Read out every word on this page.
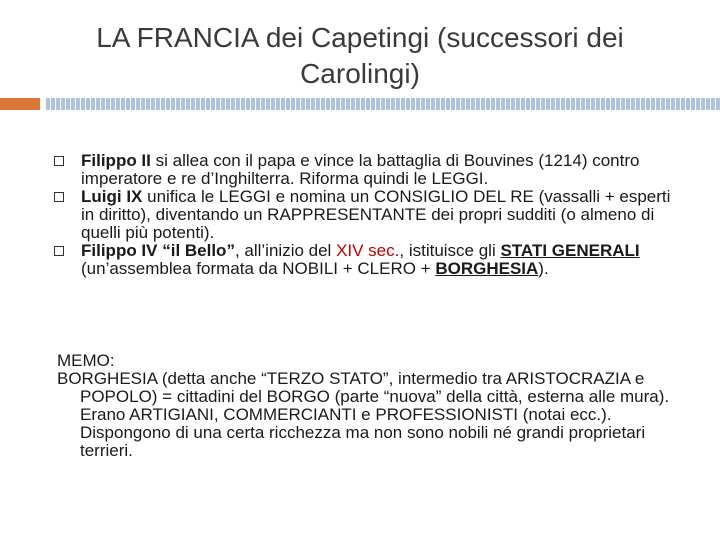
LA FRANCIA dei Capetingi (successori dei Carolingi)
Filippo II si allea con il papa e vince la battaglia di Bouvines (1214) contro imperatore e re d’Inghilterra. Riforma quindi le LEGGI.
Luigi IX unifica le LEGGI e nomina un CONSIGLIO DEL RE (vassalli + esperti in diritto), diventando un RAPPRESENTANTE dei propri sudditi (o almeno di quelli più potenti).
Filippo IV “il Bello”, all’inizio del XIV sec., istituisce gli STATI GENERALI (un’assemblea formata da NOBILI + CLERO + BORGHESIA).
MEMO:

BORGHESIA (detta anche “TERZO STATO”, intermedio tra ARISTOCRAZIA e POPOLO) = cittadini del BORGO (parte “nuova” della città, esterna alle mura). Erano ARTIGIANI, COMMERCIANTI e PROFESSIONISTI (notai ecc.). Dispongono di una certa ricchezza ma non sono nobili né grandi proprietari terrieri.
